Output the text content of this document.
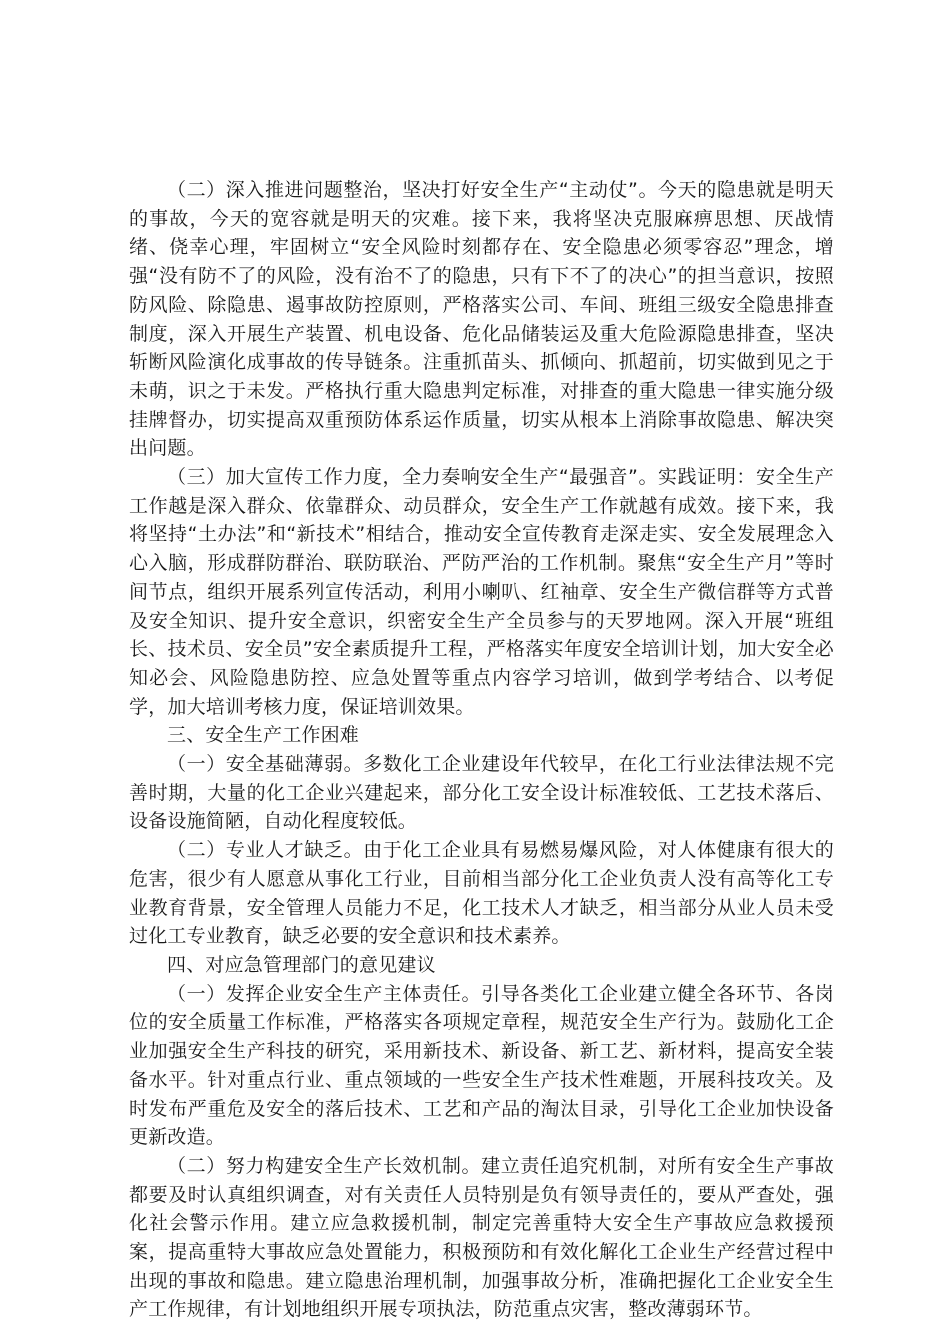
（二）深入推进问题整治，坚决打好安全生产“主动仗”。今天的隐患就是明天的事故，今天的宽容就是明天的灾难。接下来，我将坚决克服麻痹思想、厌战情绪、侥幸心理，牢固树立“安全风险时刻都存在、安全隐患必须零容忍”理念，增强“没有防不了的风险，没有治不了的隐患，只有下不了的决心”的担当意识，按照防风险、除隐患、遏事故防控原则，严格落实公司、车间、班组三级安全隐患排查制度，深入开展生产装置、机电设备、危化品储装运及重大危险源隐患排查，坚决斩断风险演化成事故的传导链条。注重抓苗头、抓倾向、抓超前，切实做到见之于未萌，识之于未发。严格执行重大隐患判定标准，对排查的重大隐患一律实施分级挂牌督办，切实提高双重预防体系运作质量，切实从根本上消除事故隐患、解决突出问题。

（三）加大宣传工作力度，全力奏响安全生产“最强音”。实践证明：安全生产工作越是深入群众、依靠群众、动员群众，安全生产工作就越有成效。接下来，我将坚持“土办法”和“新技术”相结合，推动安全宣传教育走深走实、安全发展理念入心入脑，形成群防群治、联防联治、严防严治的工作机制。聚焦“安全生产月”等时间节点，组织开展系列宣传活动，利用小喇叭、红袖章、安全生产微信群等方式普及安全知识、提升安全意识，织密安全生产全员参与的天罗地网。深入开展“班组长、技术员、安全员”安全素质提升工程，严格落实年度安全培训计划，加大安全必知必会、风险隐患防控、应急处置等重点内容学习培训，做到学考结合、以考促学，加大培训考核力度，保证培训效果。

三、安全生产工作困难

（一）安全基础薄弱。多数化工企业建设年代较早，在化工行业法律法规不完善时期，大量的化工企业兴建起来，部分化工安全设计标准较低、工艺技术落后、设备设施简陋，自动化程度较低。

（二）专业人才缺乏。由于化工企业具有易燃易爆风险，对人体健康有很大的危害，很少有人愿意从事化工行业，目前相当部分化工企业负责人没有高等化工专业教育背景，安全管理人员能力不足，化工技术人才缺乏，相当部分从业人员未受过化工专业教育，缺乏必要的安全意识和技术素养。

四、对应急管理部门的意见建议

（一）发挥企业安全生产主体责任。引导各类化工企业建立健全各环节、各岗位的安全质量工作标准，严格落实各项规定章程，规范安全生产行为。鼓励化工企业加强安全生产科技的研究，采用新技术、新设备、新工艺、新材料，提高安全装备水平。针对重点行业、重点领域的一些安全生产技术性难题，开展科技攻关。及时发布严重危及安全的落后技术、工艺和产品的淘汰目录，引导化工企业加快设备更新改造。

（二）努力构建安全生产长效机制。建立责任追究机制，对所有安全生产事故都要及时认真组织调查，对有关责任人员特别是负有领导责任的，要从严查处，强化社会警示作用。建立应急救援机制，制定完善重特大安全生产事故应急救援预案，提高重特大事故应急处置能力，积极预防和有效化解化工企业生产经营过程中出现的事故和隐患。建立隐患治理机制，加强事故分析，准确把握化工企业安全生产工作规律，有计划地组织开展专项执法，防范重点灾害，整改薄弱环节。
